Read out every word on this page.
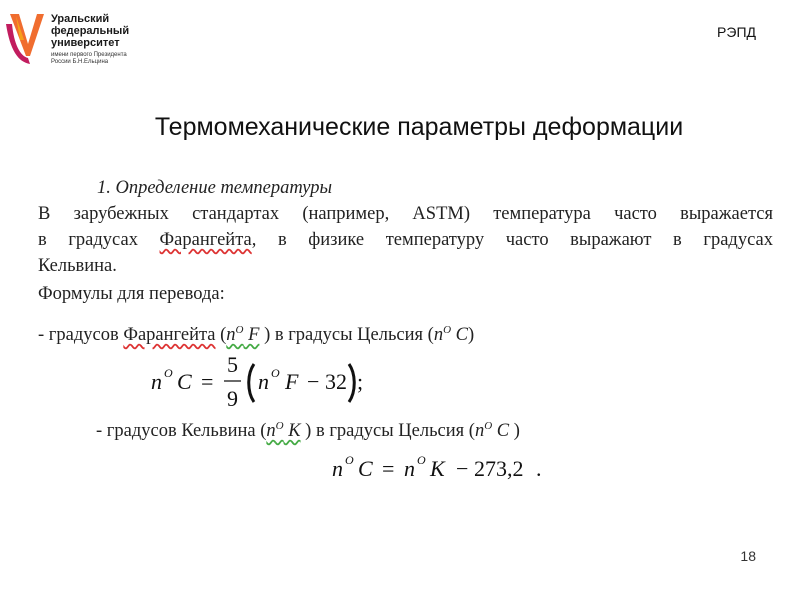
Уральский
федеральный
университет
имени первого Президента
России Б.Н.Ельцина
РЭПД
Термомеханические параметры деформации
1. Определение температуры
В зарубежных стандартах (например, ASTM) температура часто выражается
в градусах Фарангейта, в физике температуру часто выражают в градусах
Кельвина.
Формулы для перевода:
- градусов Фарангейта ($n^O$ F ) в градусы Цельсия ($n^O$ C)
n O C =
5
9
n O F − 32 ;
- градусов Кельвина ($n^O$ K ) в градусы Цельсия ($n^O$ C )
n O C = n O K − 273,2 .
18
